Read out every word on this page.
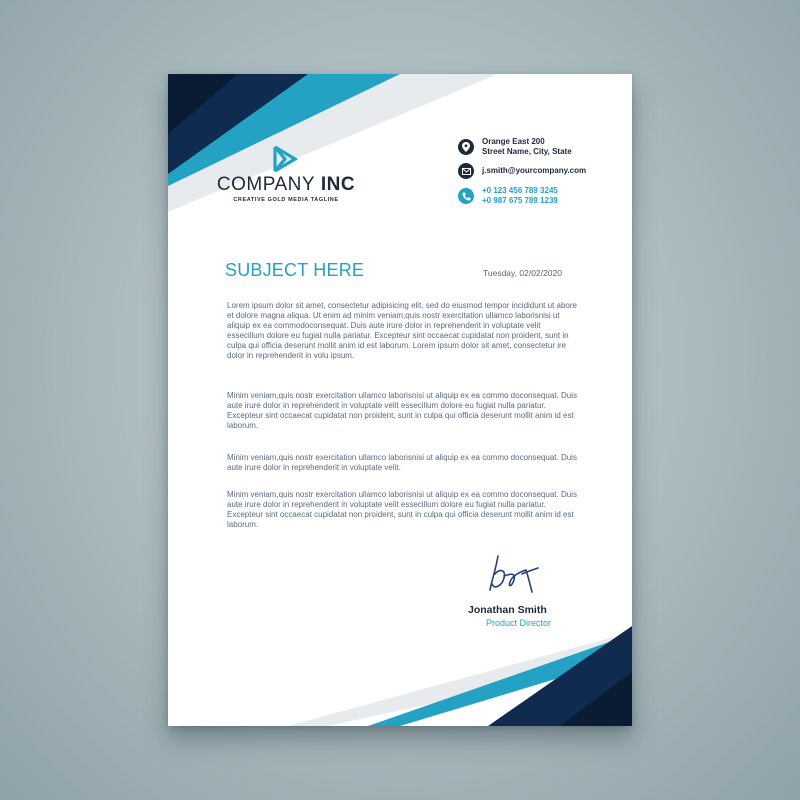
COMPANY INC
CREATIVE GOLD MEDIA TAGLINE
Orange East 200
Street Name, City, State
j.smith@yourcompany.com
+0 123 456 789 3245
+0 987 675 789 1239
SUBJECT HERE	Tuesday, 02/02/2020

Lorem ipsum dolor sit amet, consectetur adipisicing elit, sed do eiusmod tempor incididunt ut abore et dolore magna aliqua. Ut enim ad minim veniam,quis nostr exercitation ullamco laborisnisi ut aliquip ex ea commodoconsequat. Duis aute irure dolor in reprehenderit in voluptate velit essecillum dolore eu fugiat nulla pariatur. Excepteur sint occaecat cupidatat non proident, sunt in culpa qui officia deserunt mollit anim id est laborum. Lorem ipsum dolor sit amet, consectetur ire dolor in reprehenderit in volu ipsum.

Minim veniam,quis nostr exercitation ullamco laborisnisi ut aliquip ex ea commo doconsequat. Duis aute irure dolor in reprehenderit in voluptate velit essecillum dolore eu fugiat nulla pariatur. Excepteur sint occaecat cupidatat non proident, sunt in culpa qui officia deserunt mollit anim id est laborum.

Minim veniam,quis nostr exercitation ullamco laborisnisi ut aliquip ex ea commo doconsequat. Duis aute irure dolor in reprehenderit in voluptate velit.

Minim veniam,quis nostr exercitation ullamco laborisnisi ut aliquip ex ea commo doconsequat. Duis aute irure dolor in reprehenderit in voluptate velit essecillum dolore eu fugiat nulla pariatur. Excepteur sint occaecat cupidatat non proident, sunt in culpa qui officia deserunt mollit anim id est laborum.

Jonathan Smith
Product Director
